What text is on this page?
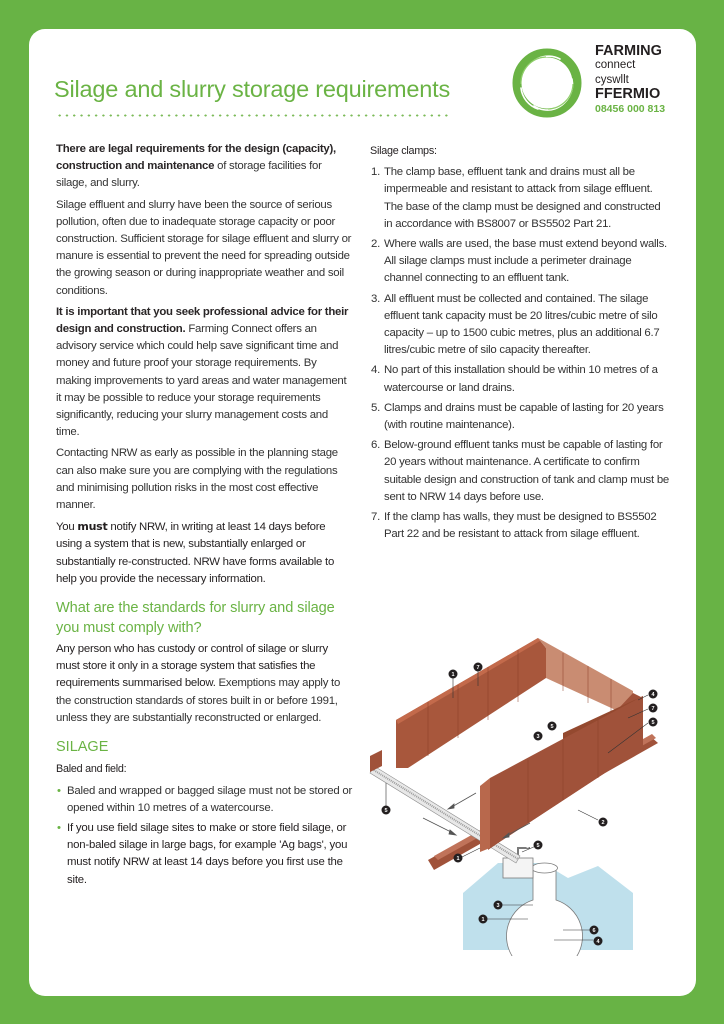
Silage and slurry storage requirements
FARMING
connect
cyswllt
FFERMIO
08456 000 813

There are legal requirements for the design (capacity), construction and maintenance of storage facilities for silage, and slurry.

Silage effluent and slurry have been the source of serious pollution, often due to inadequate storage capacity or poor construction. Sufficient storage for silage effluent and slurry or manure is essential to prevent the need for spreading outside the growing season or during inappropriate weather and soil conditions.

It is important that you seek professional advice for their design and construction. Farming Connect offers an advisory service which could help save significant time and money and future proof your storage requirements. By making improvements to yard areas and water management it may be possible to reduce your storage requirements significantly, reducing your slurry management costs and time.

Contacting NRW as early as possible in the planning stage can also make sure you are complying with the regulations and minimising pollution risks in the most cost effective manner.

You must notify NRW, in writing at least 14 days before using a system that is new, substantially enlarged or substantially re-constructed. NRW have forms available to help you provide the necessary information.

What are the standards for slurry and silage you must comply with?

Any person who has custody or control of silage or slurry must store it only in a storage system that satisfies the requirements summarised below. Exemptions may apply to the construction standards of stores built in or before 1991, unless they are substantially reconstructed or enlarged.

SILAGE

Baled and field:

• Baled and wrapped or bagged silage must not be stored or opened within 10 metres of a watercourse.
• If you use field silage sites to make or store field silage, or non-baled silage in large bags, for example 'Ag bags', you must notify NRW at least 14 days before you first use the site.

Silage clamps:

1. The clamp base, effluent tank and drains must all be impermeable and resistant to attack from silage effluent. The base of the clamp must be designed and constructed in accordance with BS8007 or BS5502 Part 21.
2. Where walls are used, the base must extend beyond walls. All silage clamps must include a perimeter drainage channel connecting to an effluent tank.
3. All effluent must be collected and contained. The silage effluent tank capacity must be 20 litres/cubic metre of silo capacity – up to 1500 cubic metres, plus an additional 6.7 litres/cubic metre of silo capacity thereafter.
4. No part of this installation should be within 10 metres of a watercourse or land drains.
5. Clamps and drains must be capable of lasting for 20 years (with routine maintenance).
6. Below-ground effluent tanks must be capable of lasting for 20 years without maintenance. A certificate to confirm suitable design and construction of tank and clamp must be sent to NRW 14 days before use.
7. If the clamp has walls, they must be designed to BS5502 Part 22 and be resistant to attack from silage effluent.
1
7
5
3
4
7
5
5
2
5
1
3
1
6
4
